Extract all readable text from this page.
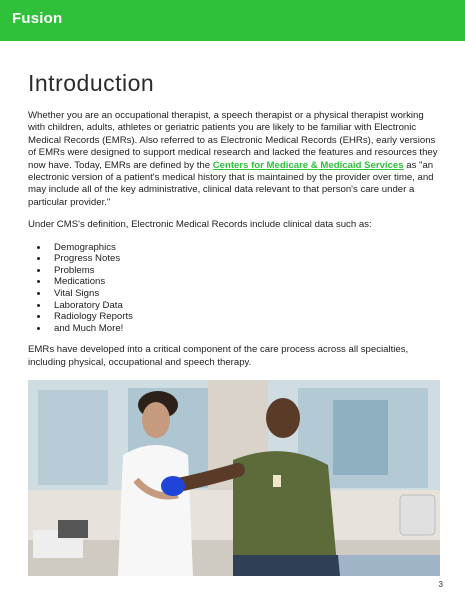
Fusion
Introduction

Whether you are an occupational therapist, a speech therapist or a physical therapist working with children, adults, athletes or geriatric patients you are likely to be familiar with Electronic Medical Records (EMRs). Also referred to as Electronic Medical Records (EHRs), early versions of EMRs were designed to support medical research and lacked the features and resources they now have. Today, EMRs are defined by the Centers for Medicare & Medicaid Services as "an electronic version of a patient's medical history that is maintained by the provider over time, and may include all of the key administrative, clinical data relevant to that person's care under a particular provider."

Under CMS's definition, Electronic Medical Records include clinical data such as:

Demographics
Progress Notes
Problems
Medications
Vital Signs
Laboratory Data
Radiology Reports
and Much More!

EMRs have developed into a critical component of the care process across all specialties, including physical, occupational and speech therapy.

3
